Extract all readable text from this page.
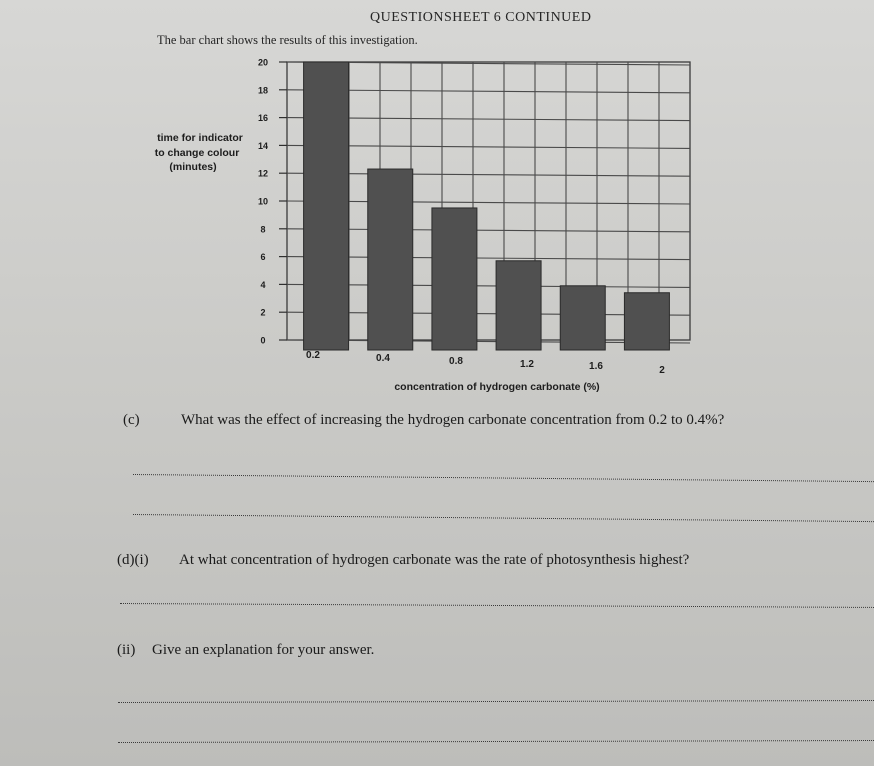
QUESTIONSHEET 6 CONTINUED
The bar chart shows the results of this investigation.
0
2
4
6
8
10
12
14
16
18
20
0.2	0.4	0.8	1.2	1.6	2
time for indicator to change colour (minutes)
concentration of hydrogen carbonate (%)
(c)	What was the effect of increasing the hydrogen carbonate concentration from 0.2 to 0.4%?
(d)(i) At what concentration of hydrogen carbonate was the rate of photosynthesis highest?
(ii) Give an explanation for your answer.
